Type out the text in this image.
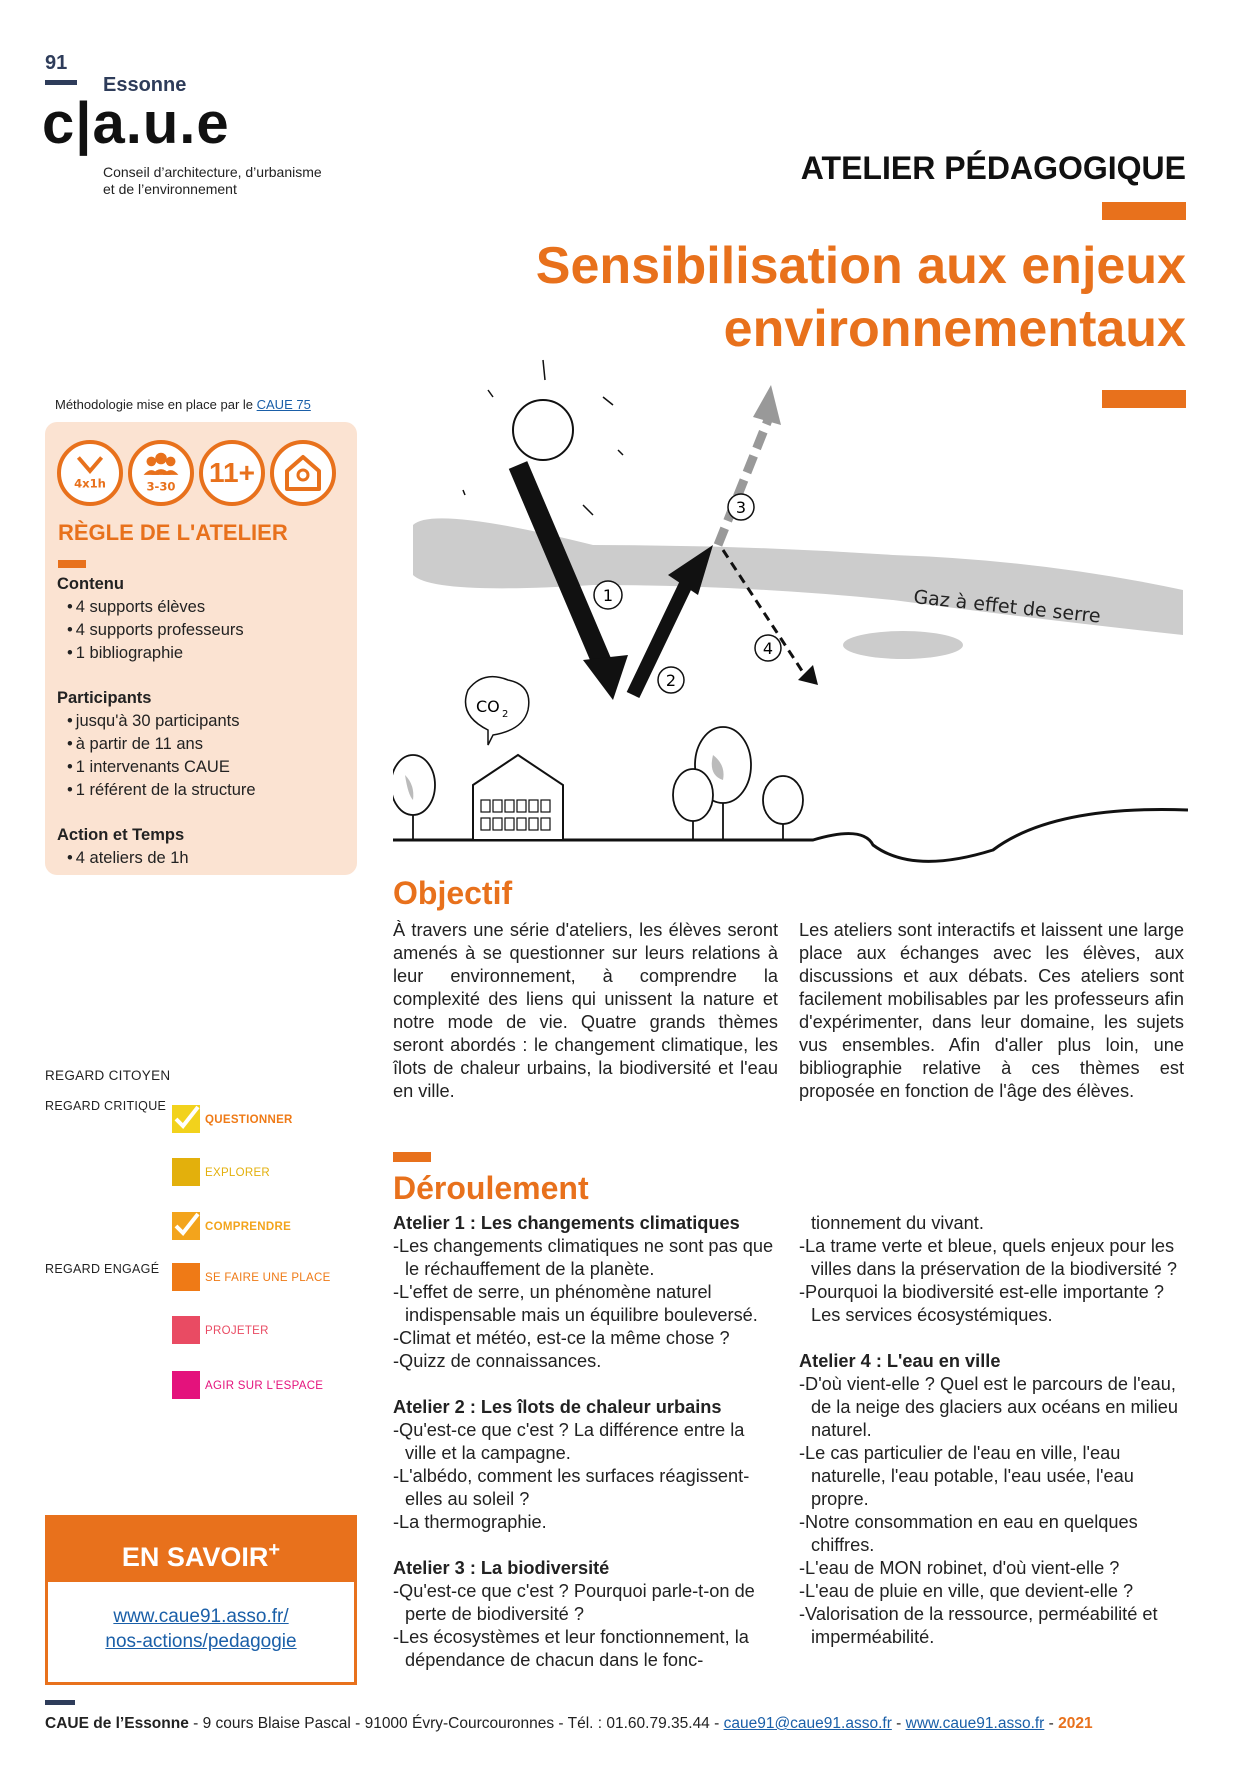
91
Essonne
c|a.u.e
Conseil d’architecture, d’urbanisme
et de l’environnement
ATELIER PÉDAGOGIQUE
Sensibilisation aux enjeux
environnementaux
Méthodologie mise en place par le CAUE 75
4x1h	3-30	11+
RÈGLE DE L'ATELIER
Contenu
• 4 supports élèves
• 4 supports professeurs
• 1 bibliographie
Participants
• jusqu'à 30 participants
• à partir de 11 ans
• 1 intervenants CAUE
• 1 référent de la structure
Action et Temps
• 4 ateliers de 1h
REGARD CITOYEN
REGARD CRITIQUE
REGARD ENGAGÉ
EN SAVOIR+
www.caue91.asso.fr/
nos-actions/pedagogie
Gaz à effet de serre
1
2
3
4
CO 2
Objectif
À travers une série d'ateliers, les élèves seront amenés à se questionner sur leurs relations à leur environnement, à comprendre la complexité des liens qui unissent la nature et notre mode de vie. Quatre grands thèmes seront abordés : le changement climatique, les îlots de chaleur urbains, la biodiversité et l'eau en ville.
Les ateliers sont interactifs et laissent une large place aux échanges avec les élèves, aux discussions et aux débats. Ces ateliers sont facilement mobilisables par les professeurs afin d'expérimenter, dans leur domaine, les sujets vus ensembles. Afin d'aller plus loin, une bibliographie relative à ces thèmes est proposée en fonction de l'âge des élèves.
Déroulement
Atelier 1 : Les changements climatiques
-Les changements climatiques ne sont pas que le réchauffement de la planète.
-L'effet de serre, un phénomène naturel indispensable mais un équilibre bouleversé.
-Climat et météo, est-ce la même chose ?
-Quizz de connaissances.
Atelier 2 : Les îlots de chaleur urbains
-Qu'est-ce que c'est ? La différence entre la ville et la campagne.
-L'albédo, comment les surfaces réagissent-elles au soleil ?
-La thermographie.
Atelier 3 : La biodiversité
-Qu'est-ce que c'est ? Pourquoi parle-t-on de perte de biodiversité ?
-Les écosystèmes et leur fonctionnement, la dépendance de chacun dans le fonc-
tionnement du vivant.
-La trame verte et bleue, quels enjeux pour les villes dans la préservation de la biodiversité ?
-Pourquoi la biodiversité est-elle importante ? Les services écosystémiques.
Atelier 4 : L'eau en ville
-D'où vient-elle ? Quel est le parcours de l'eau, de la neige des glaciers aux océans en milieu naturel.
-Le cas particulier de l'eau en ville, l'eau naturelle, l'eau potable, l'eau usée, l'eau propre.
-Notre consommation en eau en quelques chiffres.
-L'eau de MON robinet, d'où vient-elle ?
-L'eau de pluie en ville, que devient-elle ?
-Valorisation de la ressource, perméabilité et imperméabilité.
CAUE de l’Essonne - 9 cours Blaise Pascal - 91000 Évry-Courcouronnes - Tél. : 01.60.79.35.44 - caue91@caue91.asso.fr - www.caue91.asso.fr - 2021
QUESTIONNER
EXPLORER
COMPRENDRE
SE FAIRE UNE PLACE
PROJETER
AGIR SUR L'ESPACE
